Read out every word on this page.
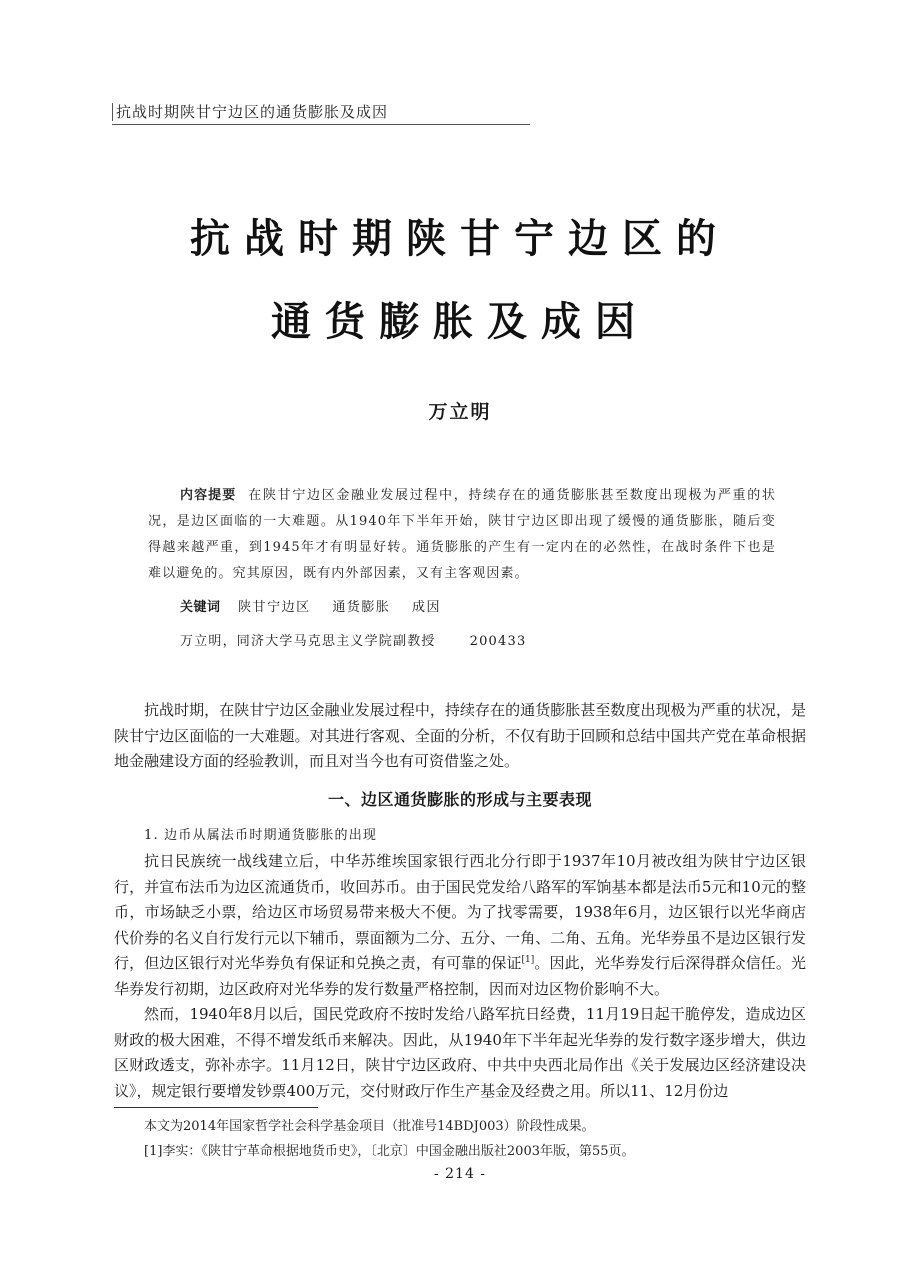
抗战时期陕甘宁边区的通货膨胀及成因
抗战时期陕甘宁边区的
通货膨胀及成因
万立明
内容提要 在陕甘宁边区金融业发展过程中，持续存在的通货膨胀甚至数度出现极为严重的状况，是边区面临的一大难题。从1940年下半年开始，陕甘宁边区即出现了缓慢的通货膨胀，随后变得越来越严重，到1945年才有明显好转。通货膨胀的产生有一定内在的必然性，在战时条件下也是难以避免的。究其原因，既有内外部因素，又有主客观因素。
关键词 陕甘宁边区 通货膨胀 成因
万立明，同济大学马克思主义学院副教授	200433

抗战时期，在陕甘宁边区金融业发展过程中，持续存在的通货膨胀甚至数度出现极为严重的状况，是陕甘宁边区面临的一大难题。对其进行客观、全面的分析，不仅有助于回顾和总结中国共产党在革命根据地金融建设方面的经验教训，而且对当今也有可资借鉴之处。

一、边区通货膨胀的形成与主要表现
1. 边币从属法币时期通货膨胀的出现

抗日民族统一战线建立后，中华苏维埃国家银行西北分行即于1937年10月被改组为陕甘宁边区银行，并宣布法币为边区流通货币，收回苏币。由于国民党发给八路军的军饷基本都是法币5元和10元的整币，市场缺乏小票，给边区市场贸易带来极大不便。为了找零需要，1938年6月，边区银行以光华商店代价券的名义自行发行元以下辅币，票面额为二分、五分、一角、二角、五角。光华券虽不是边区银行发行，但边区银行对光华券负有保证和兑换之责，有可靠的保证[1]。因此，光华券发行后深得群众信任。光华券发行初期，边区政府对光华券的发行数量严格控制，因而对边区物价影响不大。

然而，1940年8月以后，国民党政府不按时发给八路军抗日经费，11月19日起干脆停发，造成边区财政的极大困难，不得不增发纸币来解决。因此，从1940年下半年起光华券的发行数字逐步增大，供边区财政透支，弥补赤字。11月12日，陕甘宁边区政府、中共中央西北局作出《关于发展边区经济建设决议》，规定银行要增发钞票400万元，交付财政厅作生产基金及经费之用。所以11、12月份边

本文为2014年国家哲学社会科学基金项目（批准号14BDJ003）阶段性成果。
[1]李实：《陕甘宁革命根据地货币史》，〔北京〕中国金融出版社2003年版，第55页。
- 214 -
